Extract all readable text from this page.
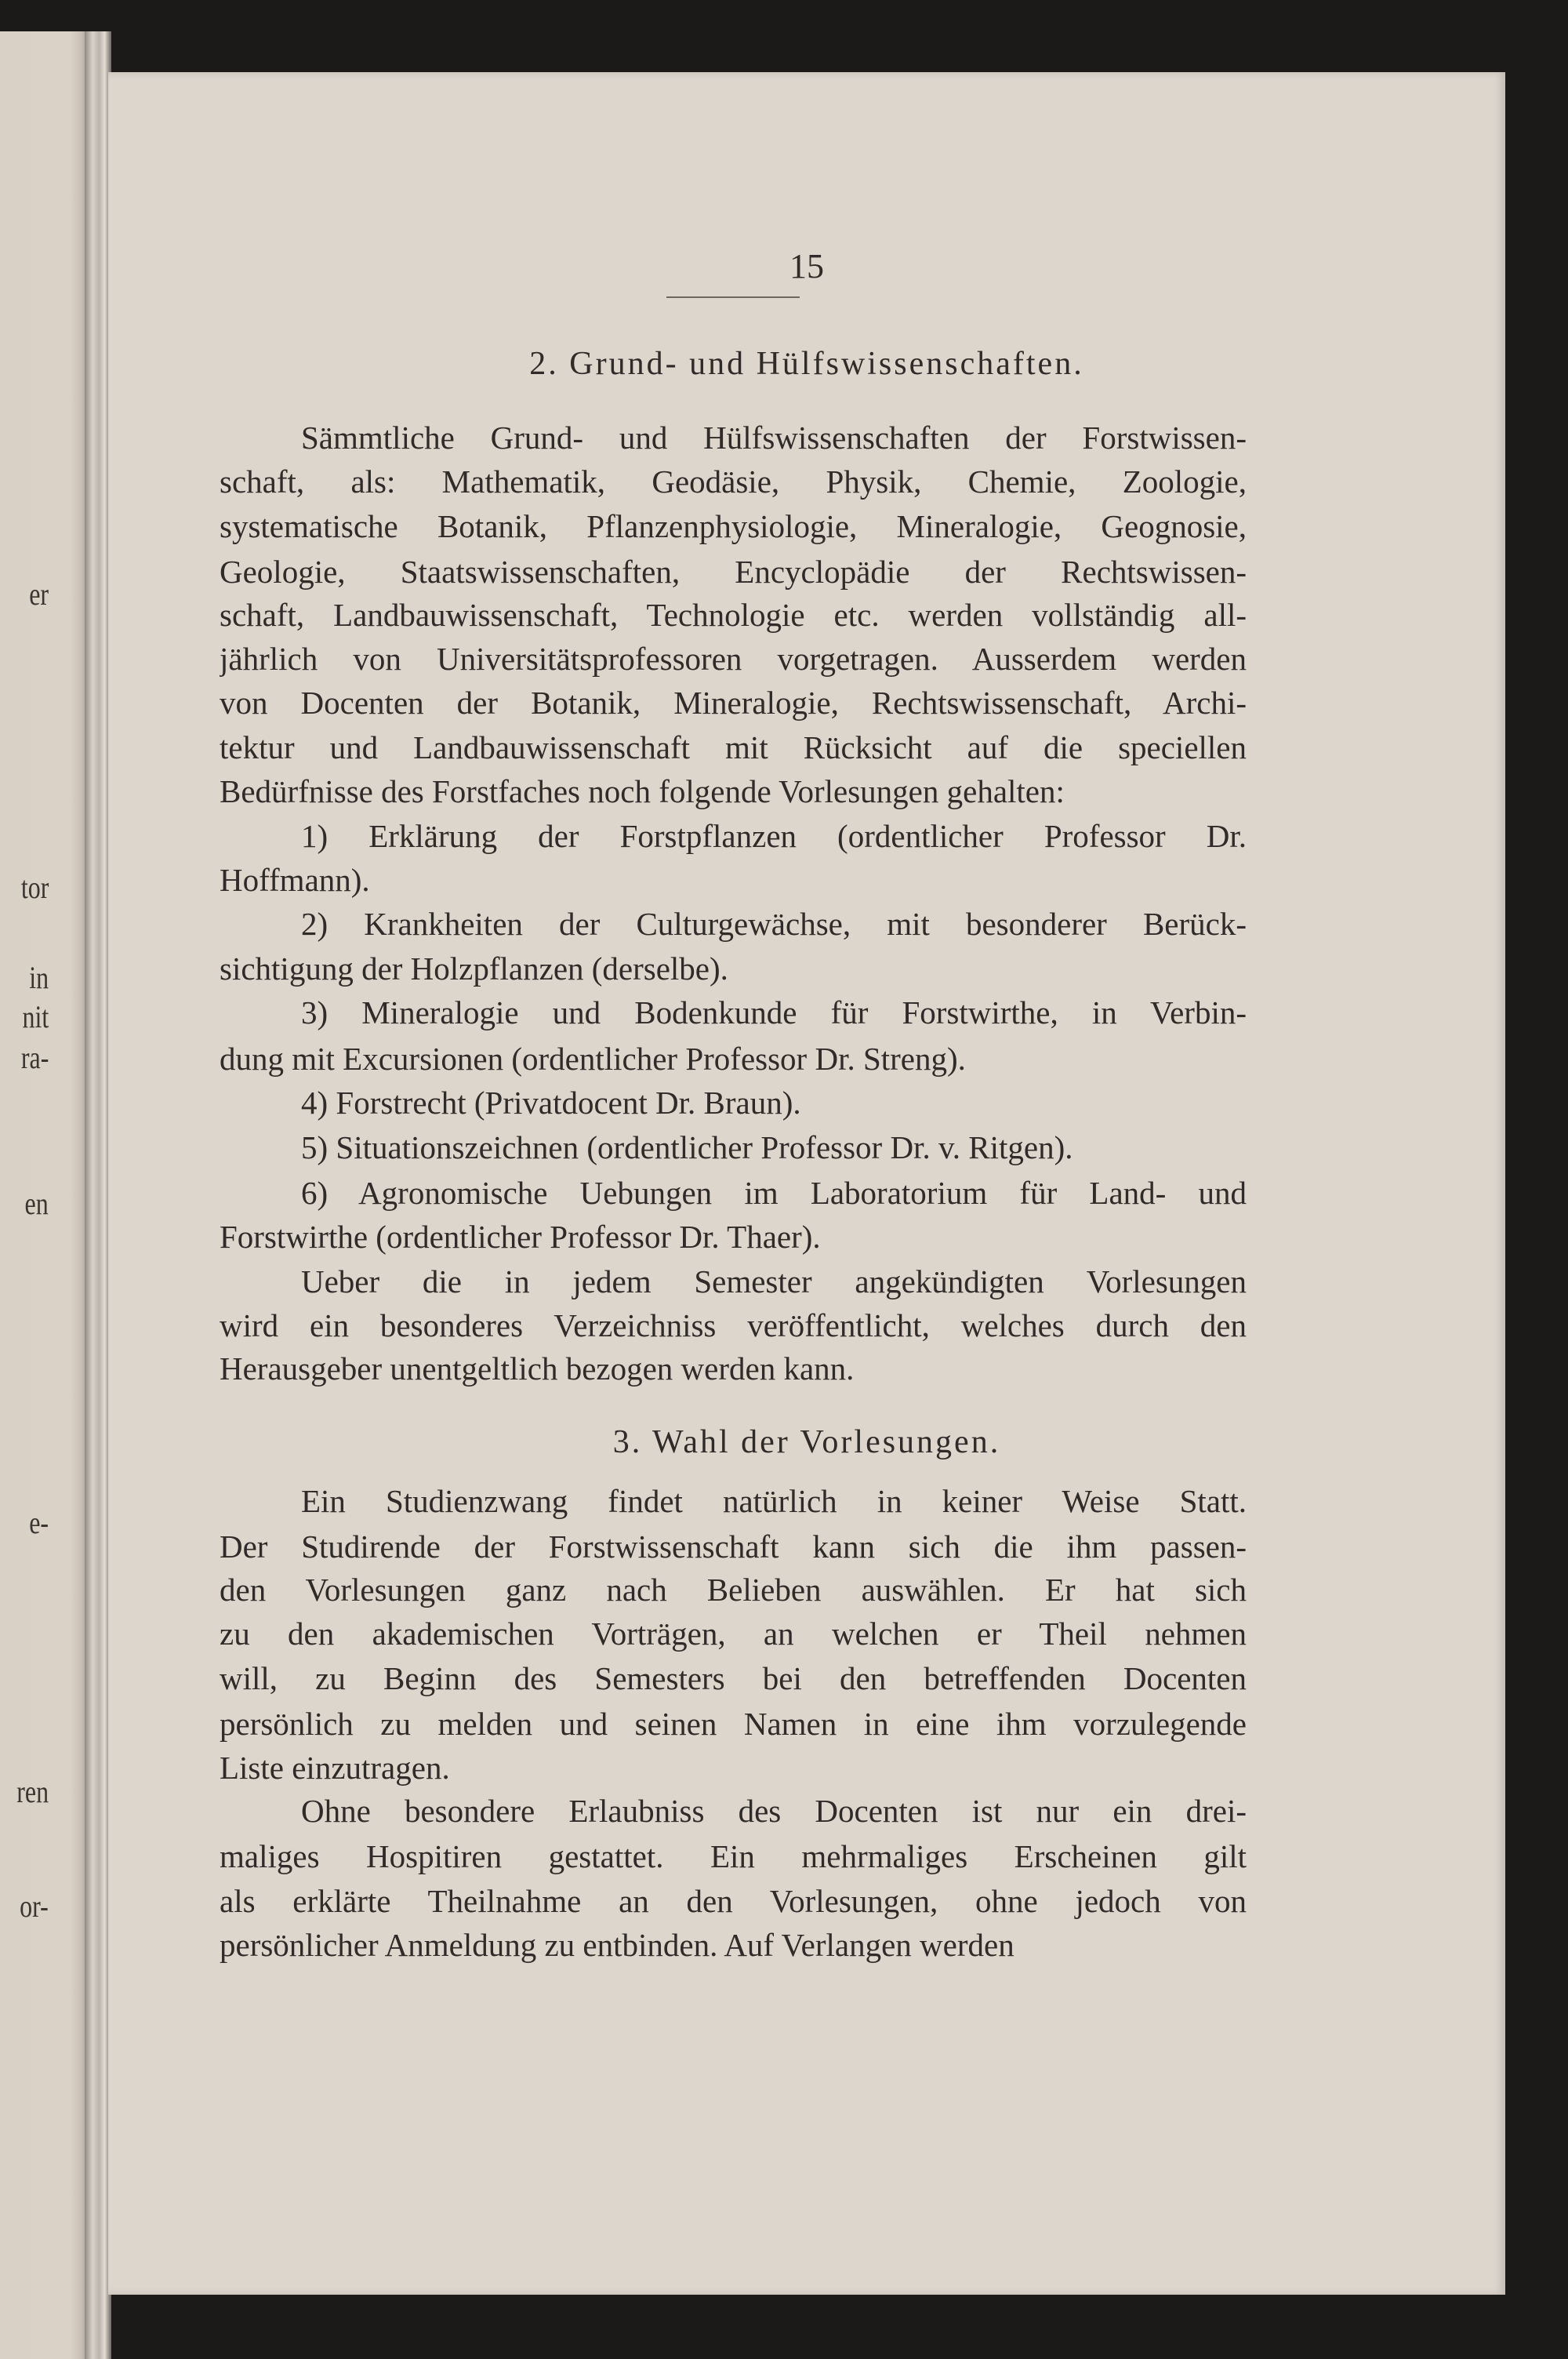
er
tor
in
nit
ra-
en
e-
ren
or-
15
2. Grund- und Hülfswissenschaften.
Sämmtliche Grund- und Hülfswissenschaften der Forstwissen-
schaft, als: Mathematik, Geodäsie, Physik, Chemie, Zoologie,
systematische Botanik, Pflanzenphysiologie, Mineralogie, Geognosie,
Geologie, Staatswissenschaften, Encyclopädie der Rechtswissen-
schaft, Landbauwissenschaft, Technologie etc. werden vollständig all-
jährlich von Universitätsprofessoren vorgetragen. Ausserdem werden
von Docenten der Botanik, Mineralogie, Rechtswissenschaft, Archi-
tektur und Landbauwissenschaft mit Rücksicht auf die speciellen
Bedürfnisse des Forstfaches noch folgende Vorlesungen gehalten:
1) Erklärung der Forstpflanzen (ordentlicher Professor Dr.
Hoffmann).
2) Krankheiten der Culturgewächse, mit besonderer Berück-
sichtigung der Holzpflanzen (derselbe).
3) Mineralogie und Bodenkunde für Forstwirthe, in Verbin-
dung mit Excursionen (ordentlicher Professor Dr. Streng).
4) Forstrecht (Privatdocent Dr. Braun).
5) Situationszeichnen (ordentlicher Professor Dr. v. Ritgen).
6) Agronomische Uebungen im Laboratorium für Land- und
Forstwirthe (ordentlicher Professor Dr. Thaer).
Ueber die in jedem Semester angekündigten Vorlesungen
wird ein besonderes Verzeichniss veröffentlicht, welches durch den
Herausgeber unentgeltlich bezogen werden kann.
3. Wahl der Vorlesungen.
Ein Studienzwang findet natürlich in keiner Weise Statt.
Der Studirende der Forstwissenschaft kann sich die ihm passen-
den Vorlesungen ganz nach Belieben auswählen. Er hat sich
zu den akademischen Vorträgen, an welchen er Theil nehmen
will, zu Beginn des Semesters bei den betreffenden Docenten
persönlich zu melden und seinen Namen in eine ihm vorzulegende
Liste einzutragen.
Ohne besondere Erlaubniss des Docenten ist nur ein drei-
maliges Hospitiren gestattet. Ein mehrmaliges Erscheinen gilt
als erklärte Theilnahme an den Vorlesungen, ohne jedoch von
persönlicher Anmeldung zu entbinden. Auf Verlangen werden
